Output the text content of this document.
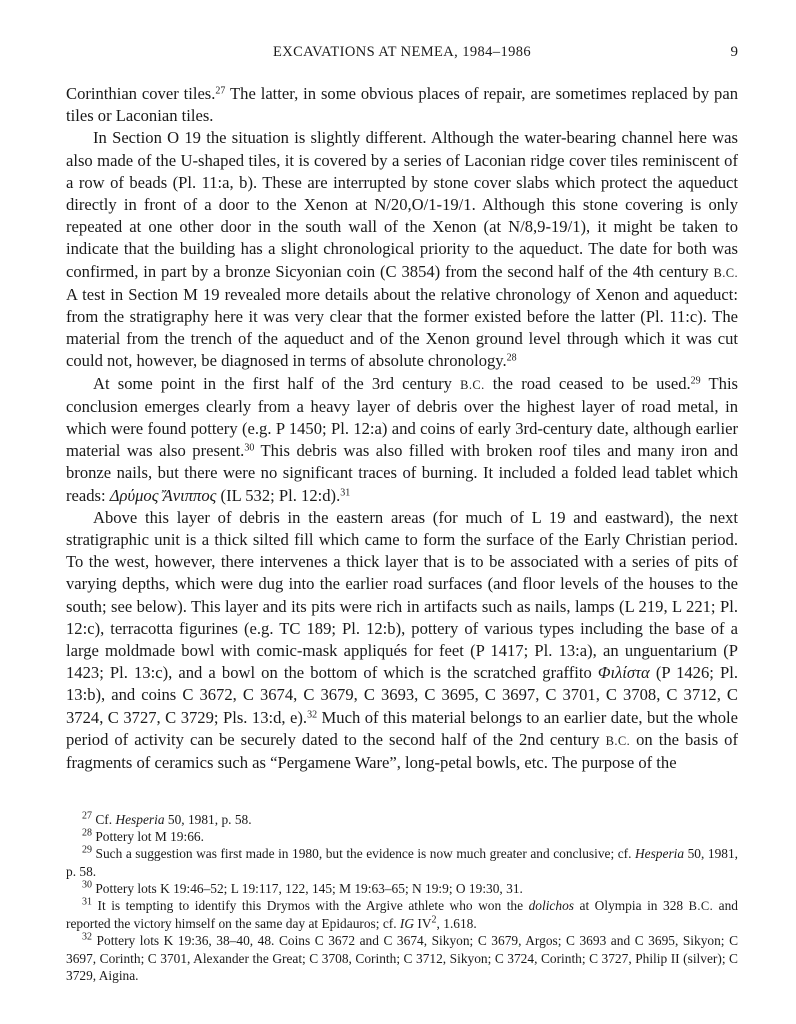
EXCAVATIONS AT NEMEA, 1984–1986	9

Corinthian cover tiles.$^{27}$ The latter, in some obvious places of repair, are sometimes replaced by pan tiles or Laconian tiles.

In Section O 19 the situation is slightly different. Although the water-bearing channel here was also made of the U-shaped tiles, it is covered by a series of Laconian ridge cover tiles reminiscent of a row of beads (Pl. 11:a, b). These are interrupted by stone cover slabs which protect the aqueduct directly in front of a door to the Xenon at N/20,O/1-19/1. Although this stone covering is only repeated at one other door in the south wall of the Xenon (at N/8,9-19/1), it might be taken to indicate that the building has a slight chronological priority to the aqueduct. The date for both was confirmed, in part by a bronze Sicyonian coin (C 3854) from the second half of the 4th century B.C. A test in Section M 19 revealed more details about the relative chronology of Xenon and aqueduct: from the stratigraphy here it was very clear that the former existed before the latter (Pl. 11:c). The material from the trench of the aqueduct and of the Xenon ground level through which it was cut could not, however, be diagnosed in terms of absolute chronology.$^{28}$

At some point in the first half of the 3rd century B.C. the road ceased to be used.$^{29}$ This conclusion emerges clearly from a heavy layer of debris over the highest layer of road metal, in which were found pottery (e.g. P 1450; Pl. 12:a) and coins of early 3rd-century date, although earlier material was also present.$^{30}$ This debris was also filled with broken roof tiles and many iron and bronze nails, but there were no significant traces of burning. It included a folded lead tablet which reads: Δρύμος Ἄνιππος (IL 532; Pl. 12:d).$^{31}$

Above this layer of debris in the eastern areas (for much of L 19 and eastward), the next stratigraphic unit is a thick silted fill which came to form the surface of the Early Christian period. To the west, however, there intervenes a thick layer that is to be associated with a series of pits of varying depths, which were dug into the earlier road surfaces (and floor levels of the houses to the south; see below). This layer and its pits were rich in artifacts such as nails, lamps (L 219, L 221; Pl. 12:c), terracotta figurines (e.g. TC 189; Pl. 12:b), pottery of various types including the base of a large moldmade bowl with comic-mask appliqués for feet (P 1417; Pl. 13:a), an unguentarium (P 1423; Pl. 13:c), and a bowl on the bottom of which is the scratched graffito Φιλίστα (P 1426; Pl. 13:b), and coins C 3672, C 3674, C 3679, C 3693, C 3695, C 3697, C 3701, C 3708, C 3712, C 3724, C 3727, C 3729; Pls. 13:d, e).$^{32}$ Much of this material belongs to an earlier date, but the whole period of activity can be securely dated to the second half of the 2nd century B.C. on the basis of fragments of ceramics such as “Pergamene Ware”, long-petal bowls, etc. The purpose of the

$^{27}$ Cf. Hesperia 50, 1981, p. 58.

$^{28}$ Pottery lot M 19:66.

$^{29}$ Such a suggestion was first made in 1980, but the evidence is now much greater and conclusive; cf. Hesperia 50, 1981, p. 58.

$^{30}$ Pottery lots K 19:46–52; L 19:117, 122, 145; M 19:63–65; N 19:9; O 19:30, 31.

$^{31}$ It is tempting to identify this Drymos with the Argive athlete who won the dolichos at Olympia in 328 B.C. and reported the victory himself on the same day at Epidauros; cf. IG $IV^2$, 1.618.

$^{32}$ Pottery lots K 19:36, 38–40, 48. Coins C 3672 and C 3674, Sikyon; C 3679, Argos; C 3693 and C 3695, Sikyon; C 3697, Corinth; C 3701, Alexander the Great; C 3708, Corinth; C 3712, Sikyon; C 3724, Corinth; C 3727, Philip II (silver); C 3729, Aigina.
